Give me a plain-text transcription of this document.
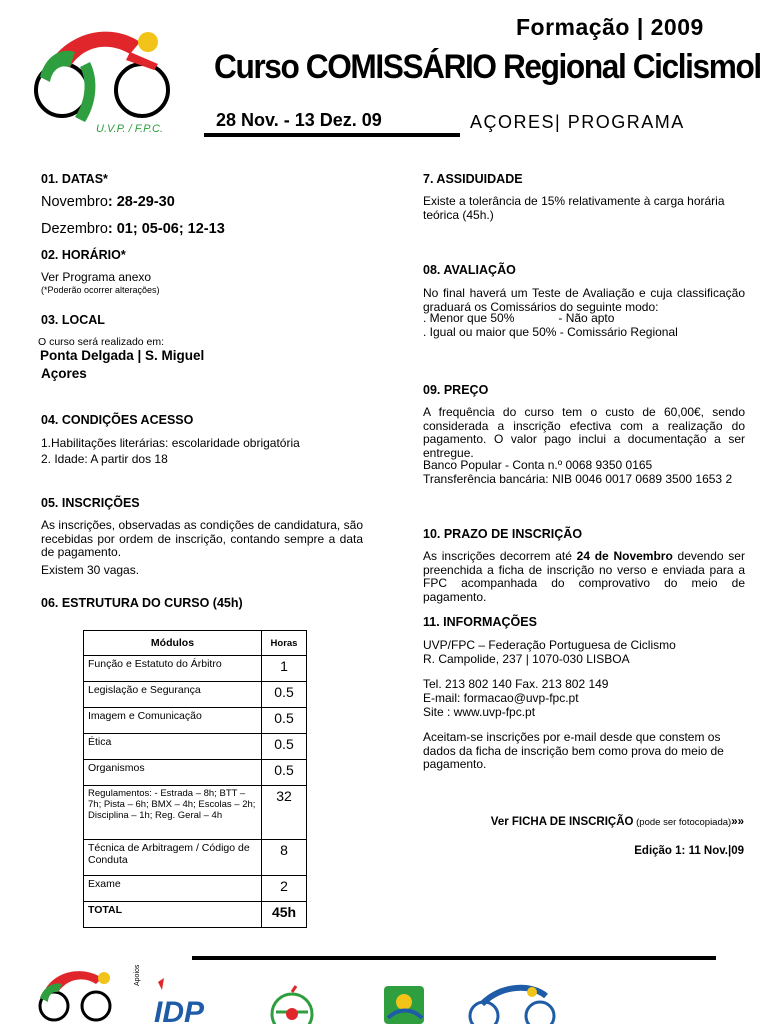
U.V.P. / F.P.C.
Formação | 2009
Curso COMISSÁRIO Regional Ciclismol
28 Nov. - 13 Dez. 09	AÇORES| PROGRAMA
01. DATAS*
Novembro: 28-29-30
Dezembro: 01; 05-06; 12-13
02. HORÁRIO*
Ver Programa anexo
(*Poderão ocorrer alterações)
03. LOCAL
O curso será realizado em:
Ponta Delgada | S. Miguel
Açores
04. CONDIÇÕES ACESSO
1.Habilitações literárias: escolaridade obrigatória
2. Idade: A partir dos 18
05. INSCRIÇÕES
As inscrições, observadas as condições de candidatura, são recebidas por ordem de inscrição, contando sempre a data de pagamento.
Existem 30 vagas.
06. ESTRUTURA DO CURSO (45h)
Módulos	Horas
Função e Estatuto do Árbitro	1
Legislação e Segurança	0.5
Imagem e Comunicação	0.5
Ética	0.5
Organismos	0.5
Regulamentos: - Estrada – 8h; BTT – 7h; Pista – 6h; BMX – 4h; Escolas – 2h; Disciplina – 1h; Reg. Geral – 4h	32
Técnica de Arbitragem / Código de Conduta	8
Exame	2
TOTAL	45h
7. ASSIDUIDADE
Existe a tolerância de 15% relativamente à carga horária teórica (45h.)
08. AVALIAÇÃO
No final haverá um Teste de Avaliação e cuja classificação graduará os Comissários do seguinte modo:
. Menor que 50%	- Não apto
. Igual ou maior que 50% - Comissário Regional
09. PREÇO
A frequência do curso tem o custo de 60,00€, sendo considerada a inscrição efectiva com a realização do pagamento. O valor pago inclui a documentação a ser entregue.
Banco Popular - Conta n.º 0068 9350 0165
Transferência bancária: NIB 0046 0017 0689 3500 1653 2
10. PRAZO DE INSCRIÇÃO
As inscrições decorrem até 24 de Novembro devendo ser preenchida a ficha de inscrição no verso e enviada para a FPC acompanhada do comprovativo do meio de pagamento.
11. INFORMAÇÕES
UVP/FPC – Federação Portuguesa de Ciclismo
R. Campolide, 237 | 1070-030 LISBOA
Tel. 213 802 140 Fax. 213 802 149
E-mail: formacao@uvp-fpc.pt
Site : www.uvp-fpc.pt
Aceitam-se inscrições por e-mail desde que constem os dados da ficha de inscrição bem como prova do meio de pagamento.
Ver FICHA DE INSCRIÇÃO (pode ser fotocopiada)»»
Edição 1: 11 Nov.|09
Apoios
IDP
